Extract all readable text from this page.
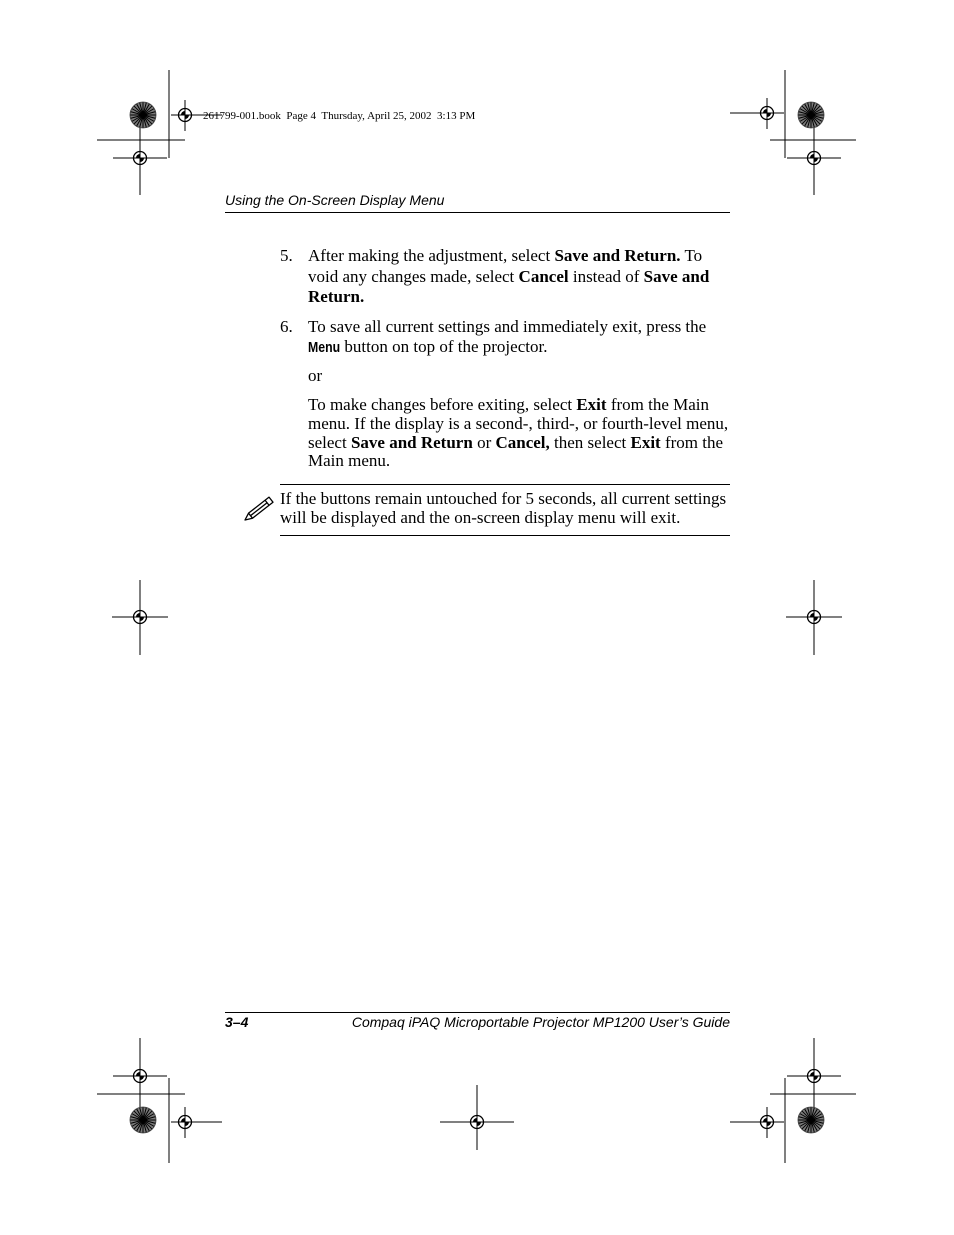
261799-001.book  Page 4  Thursday, April 25, 2002  3:13 PM
Using the On-Screen Display Menu
5. After making the adjustment, select Save and Return. To
void any changes made, select Cancel instead of Save and
Return.
6. To save all current settings and immediately exit, press the
Menu button on top of the projector.
or
To make changes before exiting, select Exit from the Main
menu. If the display is a second-, third-, or fourth-level menu,
select Save and Return or Cancel, then select Exit from the
Main menu.
If the buttons remain untouched for 5 seconds, all current settings
will be displayed and the on-screen display menu will exit.
3–4	Compaq iPAQ Microportable Projector MP1200 User’s Guide
